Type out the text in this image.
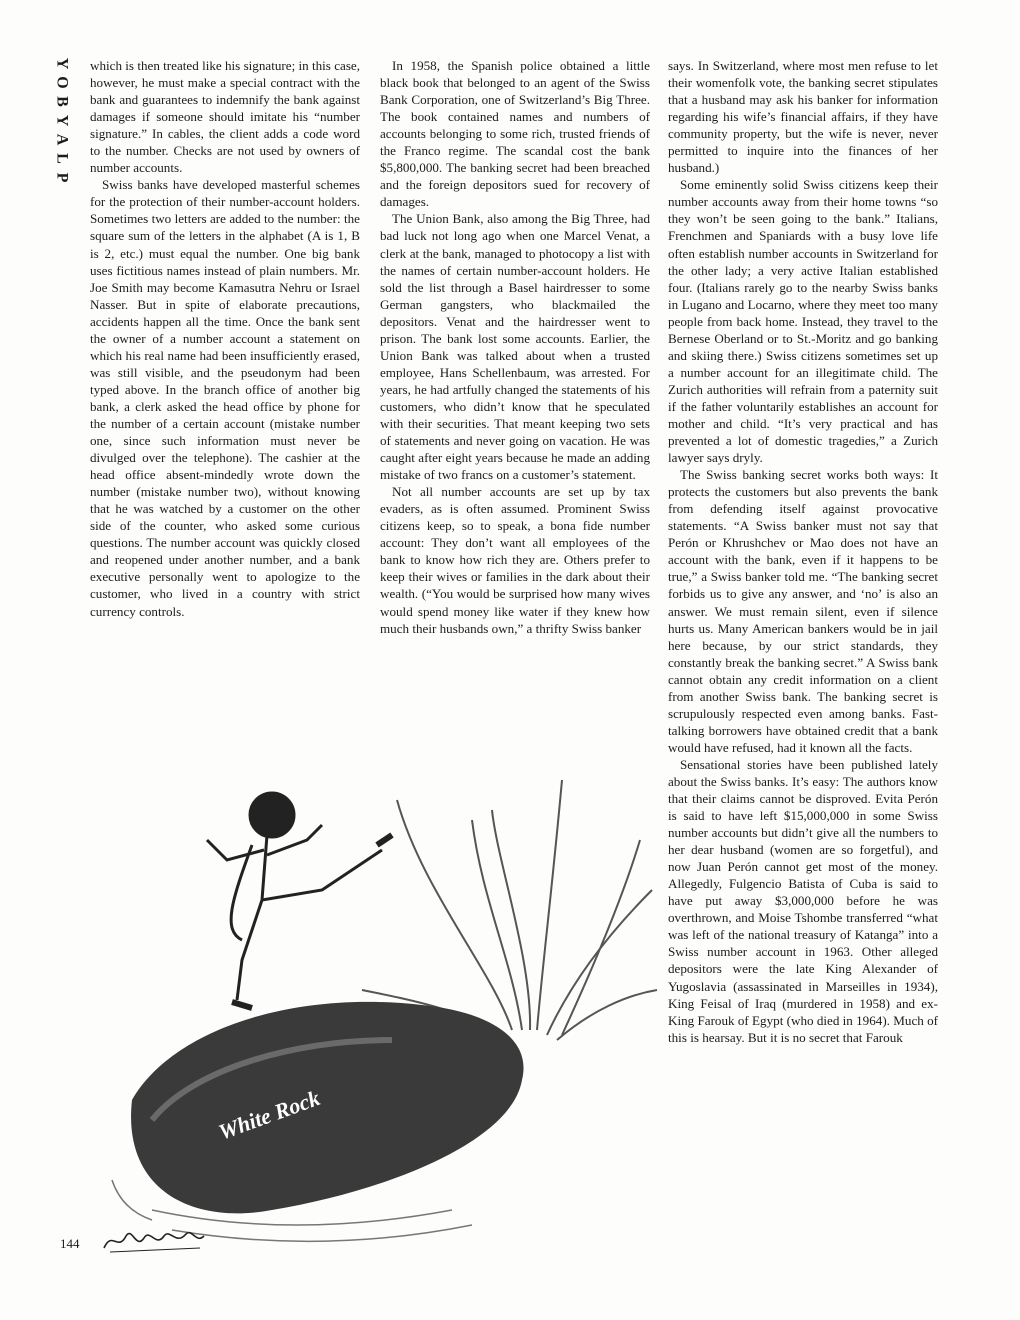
Y
O
B
Y
A
L
P

which is then treated like his signature; in this case, however, he must make a special contract with the bank and guarantees to indemnify the bank against damages if someone should imitate his “number signature.” In cables, the client adds a code word to the number. Checks are not used by owners of number accounts.

Swiss banks have developed masterful schemes for the protection of their number-account holders. Sometimes two letters are added to the number: the square sum of the letters in the alphabet (A is 1, B is 2, etc.) must equal the number. One big bank uses fictitious names instead of plain numbers. Mr. Joe Smith may become Kamasutra Nehru or Israel Nasser. But in spite of elaborate precautions, accidents happen all the time. Once the bank sent the owner of a number account a statement on which his real name had been insufficiently erased, was still visible, and the pseudonym had been typed above. In the branch office of another big bank, a clerk asked the head office by phone for the number of a certain account (mistake number one, since such information must never be divulged over the telephone). The cashier at the head office absent-mindedly wrote down the number (mistake number two), without knowing that he was watched by a customer on the other side of the counter, who asked some curious questions. The number account was quickly closed and reopened under another number, and a bank executive personally went to apologize to the customer, who lived in a country with strict currency controls.

In 1958, the Spanish police obtained a little black book that belonged to an agent of the Swiss Bank Corporation, one of Switzerland’s Big Three. The book contained names and numbers of accounts belonging to some rich, trusted friends of the Franco regime. The scandal cost the bank $5,800,000. The banking secret had been breached and the foreign depositors sued for recovery of damages.

The Union Bank, also among the Big Three, had bad luck not long ago when one Marcel Venat, a clerk at the bank, managed to photocopy a list with the names of certain number-account holders. He sold the list through a Basel hairdresser to some German gangsters, who blackmailed the depositors. Venat and the hairdresser went to prison. The bank lost some accounts. Earlier, the Union Bank was talked about when a trusted employee, Hans Schellenbaum, was arrested. For years, he had artfully changed the statements of his customers, who didn’t know that he speculated with their securities. That meant keeping two sets of statements and never going on vacation. He was caught after eight years because he made an adding mistake of two francs on a customer’s statement.

Not all number accounts are set up by tax evaders, as is often assumed. Prominent Swiss citizens keep, so to speak, a bona fide number account: They don’t want all employees of the bank to know how rich they are. Others prefer to keep their wives or families in the dark about their wealth. (“You would be surprised how many wives would spend money like water if they knew how much their husbands own,” a thrifty Swiss banker

says. In Switzerland, where most men refuse to let their womenfolk vote, the banking secret stipulates that a husband may ask his banker for information regarding his wife’s financial affairs, if they have community property, but the wife is never, never permitted to inquire into the finances of her husband.)

Some eminently solid Swiss citizens keep their number accounts away from their home towns “so they won’t be seen going to the bank.” Italians, Frenchmen and Spaniards with a busy love life often establish number accounts in Switzerland for the other lady; a very active Italian established four. (Italians rarely go to the nearby Swiss banks in Lugano and Locarno, where they meet too many people from back home. Instead, they travel to the Bernese Oberland or to St.-Moritz and go banking and skiing there.) Swiss citizens sometimes set up a number account for an illegitimate child. The Zurich authorities will refrain from a paternity suit if the father voluntarily establishes an account for mother and child. “It’s very practical and has prevented a lot of domestic tragedies,” a Zurich lawyer says dryly.

The Swiss banking secret works both ways: It protects the customers but also prevents the bank from defending itself against provocative statements. “A Swiss banker must not say that Perón or Khrushchev or Mao does not have an account with the bank, even if it happens to be true,” a Swiss banker told me. “The banking secret forbids us to give any answer, and ‘no’ is also an answer. We must remain silent, even if silence hurts us. Many American bankers would be in jail here because, by our strict standards, they constantly break the banking secret.” A Swiss bank cannot obtain any credit information on a client from another Swiss bank. The banking secret is scrupulously respected even among banks. Fast-talking borrowers have obtained credit that a bank would have refused, had it known all the facts.

Sensational stories have been published lately about the Swiss banks. It’s easy: The authors know that their claims cannot be disproved. Evita Perón is said to have left $15,000,000 in some Swiss number accounts but didn’t give all the numbers to her dear husband (women are so forgetful), and now Juan Perón cannot get most of the money. Allegedly, Fulgencio Batista of Cuba is said to have put away $3,000,000 before he was overthrown, and Moise Tshombe transferred “what was left of the national treasury of Katanga” into a Swiss number account in 1963. Other alleged depositors were the late King Alexander of Yugoslavia (assassinated in Marseilles in 1934), King Feisal of Iraq (murdered in 1958) and ex-King Farouk of Egypt (who died in 1964). Much of this is hearsay. But it is no secret that Farouk

White Rock
144
